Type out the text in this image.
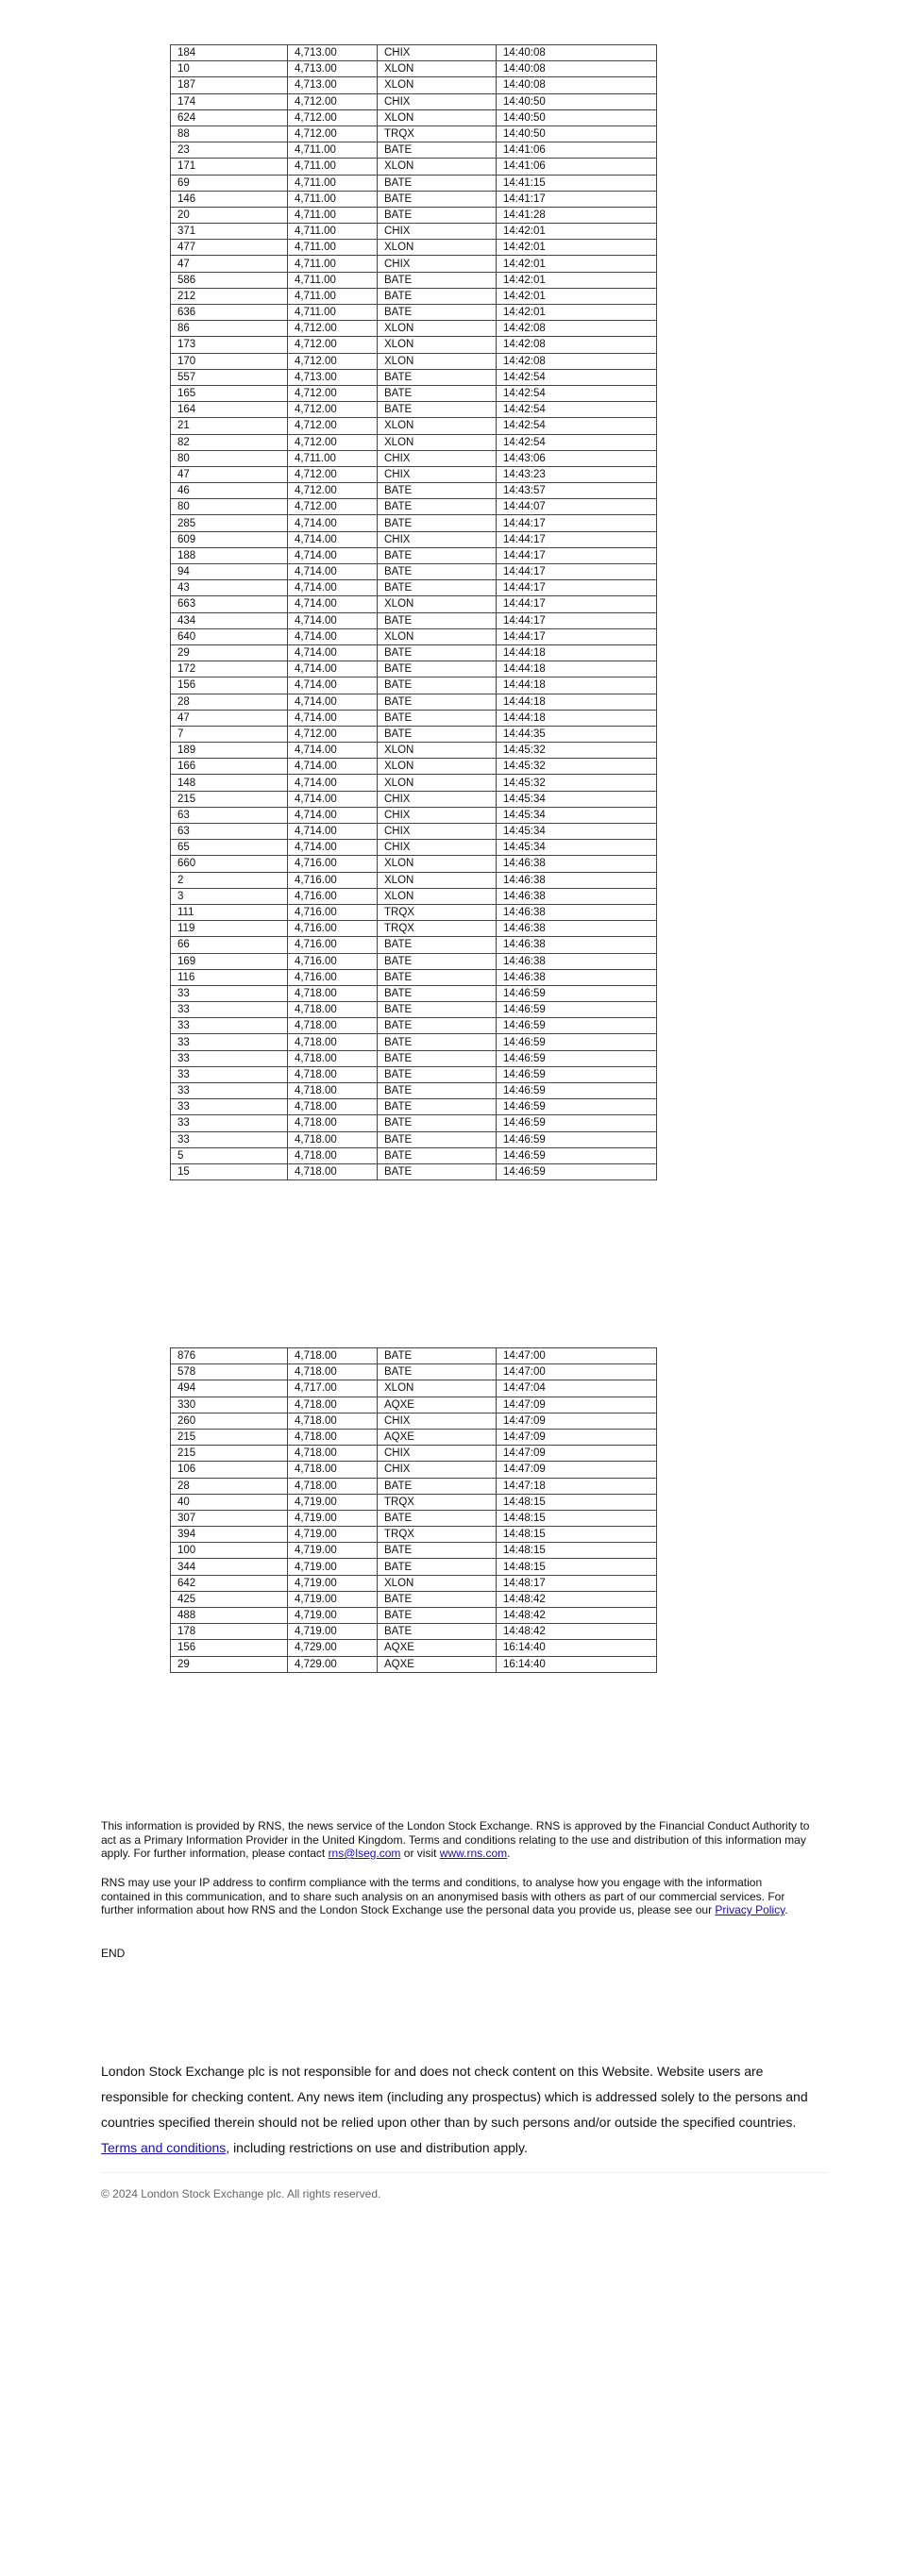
184	4,713.00	CHIX	14:40:08
10	4,713.00	XLON	14:40:08
187	4,713.00	XLON	14:40:08
174	4,712.00	CHIX	14:40:50
624	4,712.00	XLON	14:40:50
88	4,712.00	TRQX	14:40:50
23	4,711.00	BATE	14:41:06
171	4,711.00	XLON	14:41:06
69	4,711.00	BATE	14:41:15
146	4,711.00	BATE	14:41:17
20	4,711.00	BATE	14:41:28
371	4,711.00	CHIX	14:42:01
477	4,711.00	XLON	14:42:01
47	4,711.00	CHIX	14:42:01
586	4,711.00	BATE	14:42:01
212	4,711.00	BATE	14:42:01
636	4,711.00	BATE	14:42:01
86	4,712.00	XLON	14:42:08
173	4,712.00	XLON	14:42:08
170	4,712.00	XLON	14:42:08
557	4,713.00	BATE	14:42:54
165	4,712.00	BATE	14:42:54
164	4,712.00	BATE	14:42:54
21	4,712.00	XLON	14:42:54
82	4,712.00	XLON	14:42:54
80	4,711.00	CHIX	14:43:06
47	4,712.00	CHIX	14:43:23
46	4,712.00	BATE	14:43:57
80	4,712.00	BATE	14:44:07
285	4,714.00	BATE	14:44:17
609	4,714.00	CHIX	14:44:17
188	4,714.00	BATE	14:44:17
94	4,714.00	BATE	14:44:17
43	4,714.00	BATE	14:44:17
663	4,714.00	XLON	14:44:17
434	4,714.00	BATE	14:44:17
640	4,714.00	XLON	14:44:17
29	4,714.00	BATE	14:44:18
172	4,714.00	BATE	14:44:18
156	4,714.00	BATE	14:44:18
28	4,714.00	BATE	14:44:18
47	4,714.00	BATE	14:44:18
7	4,712.00	BATE	14:44:35
189	4,714.00	XLON	14:45:32
166	4,714.00	XLON	14:45:32
148	4,714.00	XLON	14:45:32
215	4,714.00	CHIX	14:45:34
63	4,714.00	CHIX	14:45:34
63	4,714.00	CHIX	14:45:34
65	4,714.00	CHIX	14:45:34
660	4,716.00	XLON	14:46:38
2	4,716.00	XLON	14:46:38
3	4,716.00	XLON	14:46:38
111	4,716.00	TRQX	14:46:38
119	4,716.00	TRQX	14:46:38
66	4,716.00	BATE	14:46:38
169	4,716.00	BATE	14:46:38
116	4,716.00	BATE	14:46:38
33	4,718.00	BATE	14:46:59
33	4,718.00	BATE	14:46:59
33	4,718.00	BATE	14:46:59
33	4,718.00	BATE	14:46:59
33	4,718.00	BATE	14:46:59
33	4,718.00	BATE	14:46:59
33	4,718.00	BATE	14:46:59
33	4,718.00	BATE	14:46:59
33	4,718.00	BATE	14:46:59
33	4,718.00	BATE	14:46:59
5	4,718.00	BATE	14:46:59
15	4,718.00	BATE	14:46:59
876	4,718.00	BATE	14:47:00
578	4,718.00	BATE	14:47:00
494	4,717.00	XLON	14:47:04
330	4,718.00	AQXE	14:47:09
260	4,718.00	CHIX	14:47:09
215	4,718.00	AQXE	14:47:09
215	4,718.00	CHIX	14:47:09
106	4,718.00	CHIX	14:47:09
28	4,718.00	BATE	14:47:18
40	4,719.00	TRQX	14:48:15
307	4,719.00	BATE	14:48:15
394	4,719.00	TRQX	14:48:15
100	4,719.00	BATE	14:48:15
344	4,719.00	BATE	14:48:15
642	4,719.00	XLON	14:48:17
425	4,719.00	BATE	14:48:42
488	4,719.00	BATE	14:48:42
178	4,719.00	BATE	14:48:42
156	4,729.00	AQXE	16:14:40
29	4,729.00	AQXE	16:14:40

This information is provided by RNS, the news service of the London Stock Exchange. RNS is approved by the Financial Conduct Authority to act as a Primary Information Provider in the United Kingdom. Terms and conditions relating to the use and distribution of this information may apply. For further information, please contact rns@lseg.com or visit www.rns.com.

RNS may use your IP address to confirm compliance with the terms and conditions, to analyse how you engage with the information contained in this communication, and to share such analysis on an anonymised basis with others as part of our commercial services. For further information about how RNS and the London Stock Exchange use the personal data you provide us, please see our Privacy Policy.

END

London Stock Exchange plc is not responsible for and does not check content on this Website. Website users are responsible for checking content. Any news item (including any prospectus) which is addressed solely to the persons and countries specified therein should not be relied upon other than by such persons and/or outside the specified countries. Terms and conditions, including restrictions on use and distribution apply.

© 2024 London Stock Exchange plc. All rights reserved.
